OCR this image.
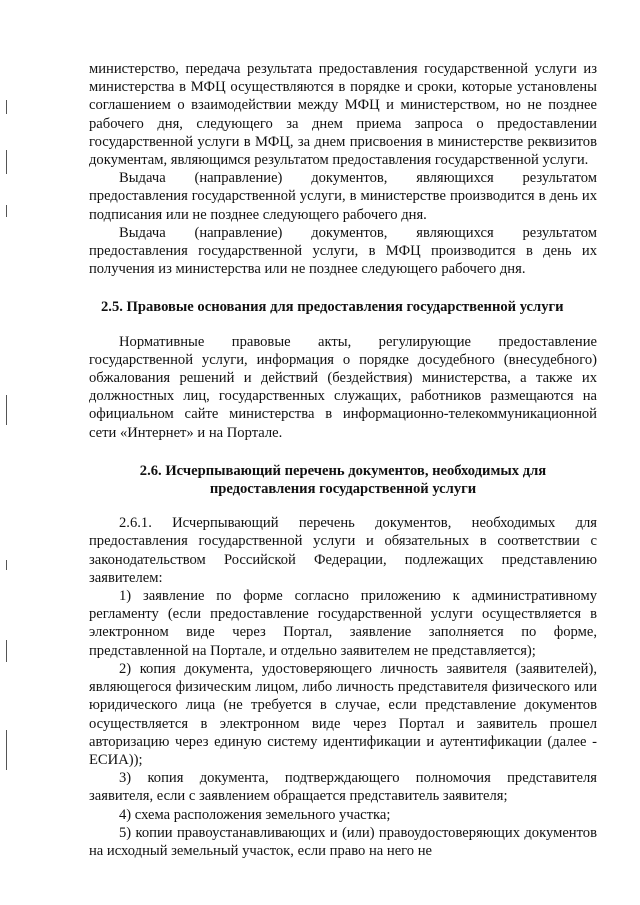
министерство, передача результата предоставления государственной услуги из министерства в МФЦ осуществляются в порядке и сроки, которые установлены соглашением о взаимодействии между МФЦ и министерством, но не позднее рабочего дня, следующего за днем приема запроса о предоставлении государственной услуги в МФЦ, за днем присвоения в министерстве реквизитов документам, являющимся результатом предоставления государственной услуги.

Выдача (направление) документов, являющихся результатом предоставления государственной услуги, в министерстве производится в день их подписания или не позднее следующего рабочего дня.

Выдача (направление) документов, являющихся результатом предоставления государственной услуги, в МФЦ производится в день их получения из министерства или не позднее следующего рабочего дня.

2.5. Правовые основания для предоставления государственной услуги

Нормативные правовые акты, регулирующие предоставление государственной услуги, информация о порядке досудебного (внесудебного) обжалования решений и действий (бездействия) министерства, а также их должностных лиц, государственных служащих, работников размещаются на официальном сайте министерства в информационно-телекоммуникационной сети «Интернет» и на Портале.

2.6. Исчерпывающий перечень документов, необходимых для
предоставления государственной услуги

2.6.1. Исчерпывающий перечень документов, необходимых для предоставления государственной услуги и обязательных в соответствии с законодательством Российской Федерации, подлежащих представлению заявителем:

1) заявление по форме согласно приложению к административному регламенту (если предоставление государственной услуги осуществляется в электронном виде через Портал, заявление заполняется по форме, представленной на Портале, и отдельно заявителем не представляется);

2) копия документа, удостоверяющего личность заявителя (заявителей), являющегося физическим лицом, либо личность представителя физического или юридического лица (не требуется в случае, если представление документов осуществляется в электронном виде через Портал и заявитель прошел авторизацию через единую систему идентификации и аутентификации (далее - ЕСИА));

3) копия документа, подтверждающего полномочия представителя заявителя, если с заявлением обращается представитель заявителя;

4) схема расположения земельного участка;

5) копии правоустанавливающих и (или) правоудостоверяющих документов на исходный земельный участок, если право на него не
